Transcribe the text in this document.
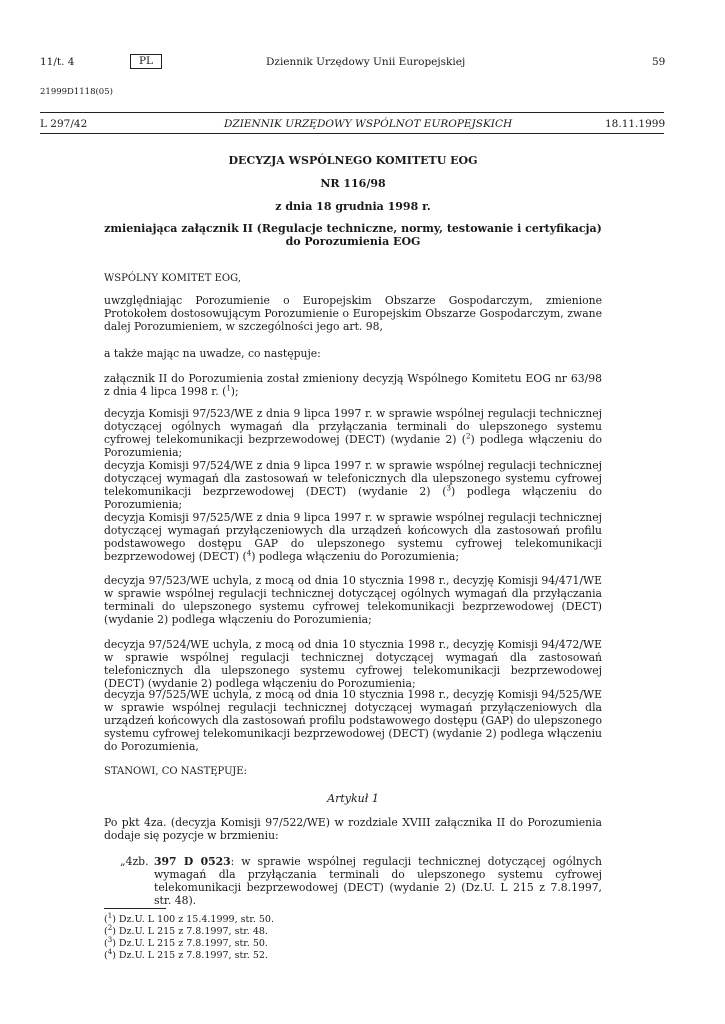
11/t. 4	PL	Dziennik Urzędowy Unii Europejskiej	59
21999D1118(05)
L 297/42	DZIENNIK URZĘDOWY WSPÓLNOT EUROPEJSKICH	18.11.1999
DECYZJA WSPÓLNEGO KOMITETU EOG
NR 116/98
z dnia 18 grudnia 1998 r.
zmieniająca załącznik II (Regulacje techniczne, normy, testowanie i certyfikacja) do Porozumienia EOG
WSPÓLNY KOMITET EOG,
uwzględniając Porozumienie o Europejskim Obszarze Gospodarczym, zmienione Protokołem dostosowującym Porozumienie o Europejskim Obszarze Gospodarczym, zwane dalej Porozumieniem, w szczególności jego art. 98,
a także mając na uwadze, co następuje:
załącznik II do Porozumienia został zmieniony decyzją Wspólnego Komitetu EOG nr 63/98 z dnia 4 lipca 1998 r. ($^1$);
decyzja Komisji 97/523/WE z dnia 9 lipca 1997 r. w sprawie wspólnej regulacji technicznej dotyczącej ogólnych wymagań dla przyłączania terminali do ulepszonego systemu cyfrowej telekomunikacji bezprzewodowej (DECT) (wydanie 2) ($^2$) podlega włączeniu do Porozumienia;
decyzja Komisji 97/524/WE z dnia 9 lipca 1997 r. w sprawie wspólnej regulacji technicznej dotyczącej wymagań dla zastosowań w telefonicznych dla ulepszonego systemu cyfrowej telekomunikacji bezprzewodowej (DECT) (wydanie 2) ($^3$) podlega włączeniu do Porozumienia;
decyzja Komisji 97/525/WE z dnia 9 lipca 1997 r. w sprawie wspólnej regulacji technicznej dotyczącej wymagań przyłączeniowych dla urządzeń końcowych dla zastosowań profilu podstawowego dostępu GAP do ulepszonego systemu cyfrowej telekomunikacji bezprzewodowej (DECT) ($^4$) podlega włączeniu do Porozumienia;
decyzja 97/523/WE uchyla, z mocą od dnia 10 stycznia 1998 r., decyzję Komisji 94/471/WE w sprawie wspólnej regulacji technicznej dotyczącej ogólnych wymagań dla przyłączania terminali do ulepszonego systemu cyfrowej telekomunikacji bezprzewodowej (DECT) (wydanie 2) podlega włączeniu do Porozumienia;
decyzja 97/524/WE uchyla, z mocą od dnia 10 stycznia 1998 r., decyzję Komisji 94/472/WE w sprawie wspólnej regulacji technicznej dotyczącej wymagań dla zastosowań telefonicznych dla ulepszonego systemu cyfrowej telekomunikacji bezprzewodowej (DECT) (wydanie 2) podlega włączeniu do Porozumienia;
decyzja 97/525/WE uchyla, z mocą od dnia 10 stycznia 1998 r., decyzję Komisji 94/525/WE w sprawie wspólnej regulacji technicznej dotyczącej wymagań przyłączeniowych dla urządzeń końcowych dla zastosowań profilu podstawowego dostępu (GAP) do ulepszonego systemu cyfrowej telekomunikacji bezprzewodowej (DECT) (wydanie 2) podlega włączeniu do Porozumienia,
STANOWI, CO NASTĘPUJE:
Artykuł 1
Po pkt 4za. (decyzja Komisji 97/522/WE) w rozdziale XVIII załącznika II do Porozumienia dodaje się pozycje w brzmieniu:
„4zb. 397 D 0523: w sprawie wspólnej regulacji technicznej dotyczącej ogólnych wymagań dla przyłączania terminali do ulepszonego systemu cyfrowej telekomunikacji bezprzewodowej (DECT) (wydanie 2) (Dz.U. L 215 z 7.8.1997, str. 48).
($^1$) Dz.U. L 100 z 15.4.1999, str. 50.
($^2$) Dz.U. L 215 z 7.8.1997, str. 48.
($^3$) Dz.U. L 215 z 7.8.1997, str. 50.
($^4$) Dz.U. L 215 z 7.8.1997, str. 52.
